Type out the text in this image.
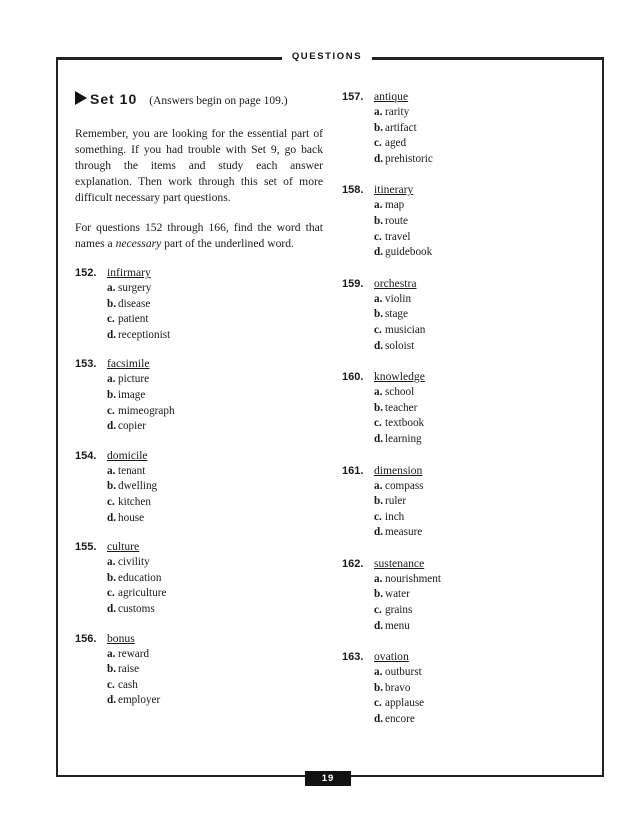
QUESTIONS
Set 10 (Answers begin on page 109.)

Remember, you are looking for the essential part of something. If you had trouble with Set 9, go back through the items and study each answer explanation. Then work through this set of more difficult necessary part questions.

For questions 152 through 166, find the word that names a necessary part of the underlined word.

152. infirmary
a. surgery
b. disease
c. patient
d. receptionist
153. facsimile
a. picture
b. image
c. mimeograph
d. copier
154. domicile
a. tenant
b. dwelling
c. kitchen
d. house
155. culture
a. civility
b. education
c. agriculture
d. customs
156. bonus
a. reward
b. raise
c. cash
d. employer
157. antique
a. rarity
b. artifact
c. aged
d. prehistoric
158. itinerary
a. map
b. route
c. travel
d. guidebook
159. orchestra
a. violin
b. stage
c. musician
d. soloist
160. knowledge
a. school
b. teacher
c. textbook
d. learning
161. dimension
a. compass
b. ruler
c. inch
d. measure
162. sustenance
a. nourishment
b. water
c. grains
d. menu
163. ovation
a. outburst
b. bravo
c. applause
d. encore
19
